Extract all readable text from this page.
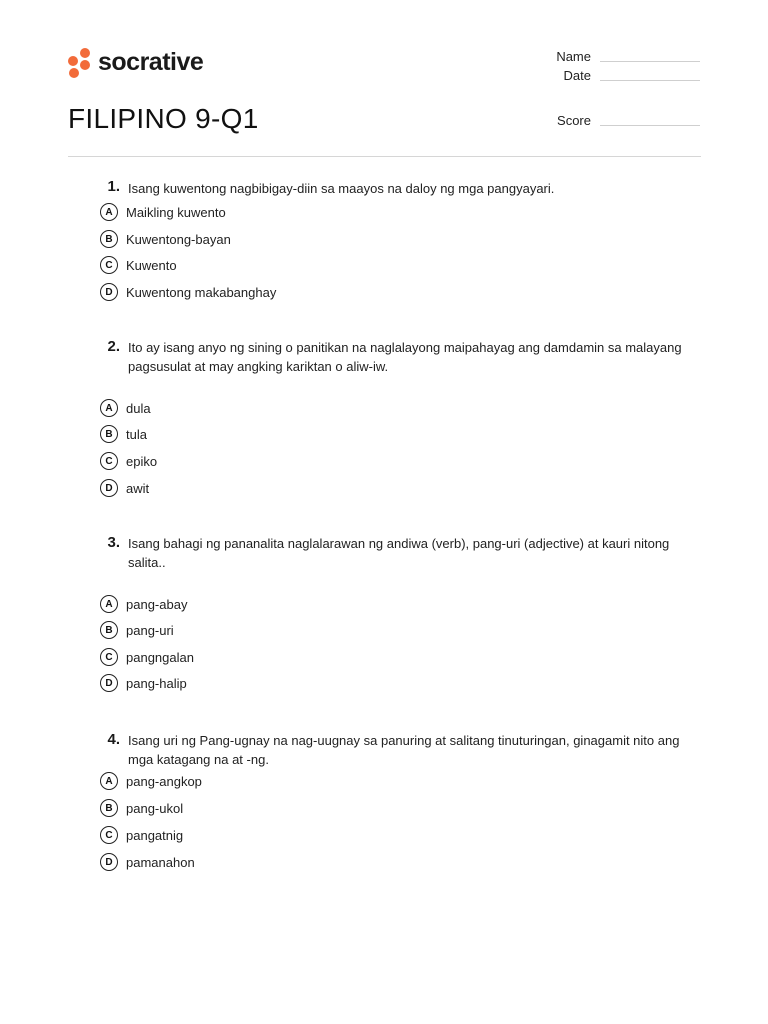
socrative
FILIPINO 9-Q1
Name
Date
Score
1. Isang kuwentong nagbibigay-diin sa maayos na daloy ng mga pangyayari.
A	Maikling kuwento
B	Kuwentong-bayan
C	Kuwento
D	Kuwentong makabanghay
2. Ito ay isang anyo ng sining o panitikan na naglalayong maipahayag ang damdamin sa malayang pagsusulat at may angking kariktan o aliw-iw.
A	dula
B	tula
C	epiko
D	awit
3. Isang bahagi ng pananalita naglalarawan ng andiwa (verb), pang-uri (adjective) at kauri nitong salita..
A	pang-abay
B	pang-uri
C	pangngalan
D	pang-halip
4. Isang uri ng Pang-ugnay na nag-uugnay sa panuring at salitang tinuturingan, ginagamit nito ang mga katagang na at -ng.
A	pang-angkop
B	pang-ukol
C	pangatnig
D	pamanahon
